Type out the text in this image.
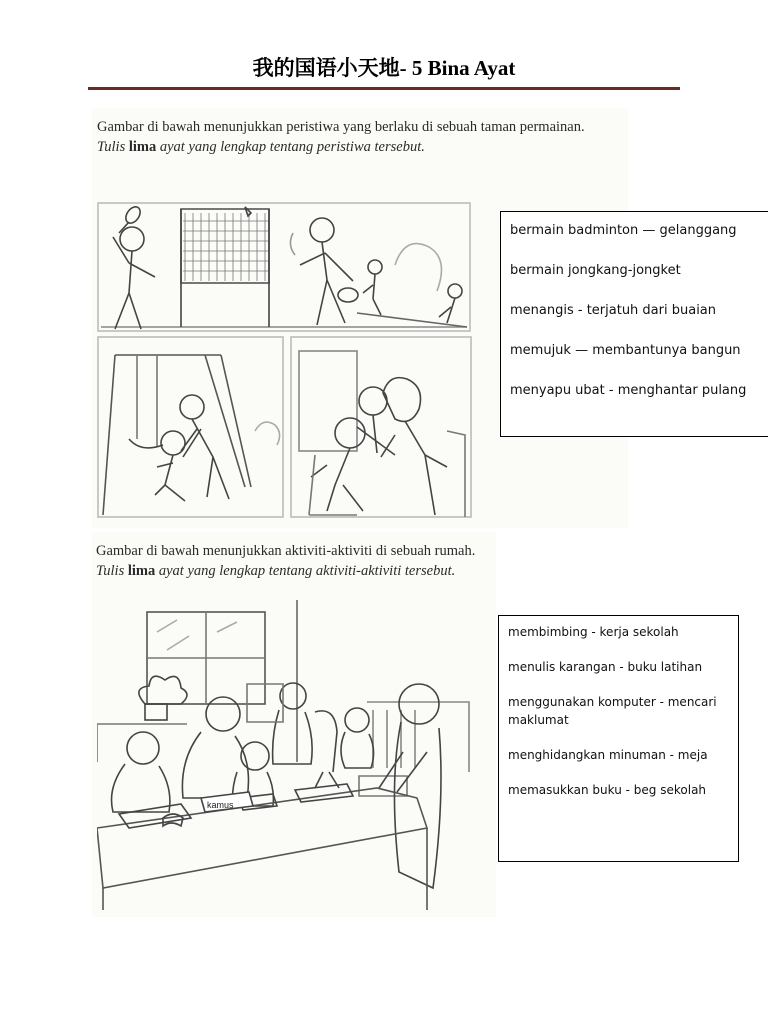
我的国语小天地- 5 Bina Ayat
Gambar di bawah menunjukkan peristiwa yang berlaku di sebuah taman permainan.
Tulis lima ayat yang lengkap tentang peristiwa tersebut.
bermain badminton — gelanggang
bermain jongkang-jongket
menangis - terjatuh dari buaian
memujuk — membantunya bangun
menyapu ubat - menghantar pulang
Gambar di bawah menunjukkan aktiviti-aktiviti di sebuah rumah.
Tulis lima ayat yang lengkap tentang aktiviti-aktiviti tersebut.
kamus
membimbing - kerja sekolah
menulis karangan - buku latihan
menggunakan komputer - mencari maklumat
menghidangkan minuman - meja
memasukkan buku - beg sekolah
